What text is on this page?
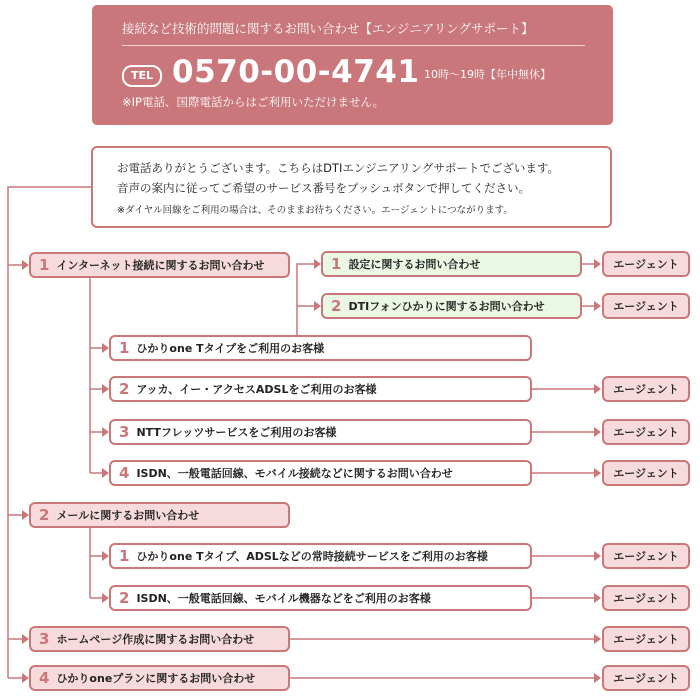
接続など技術的問題に関するお問い合わせ【エンジニアリングサポート】
TEL 0570-00-4741 10時～19時【年中無休】
※IP電話、国際電話からはご利用いただけません。
お電話ありがとうございます。こちらはDTIエンジニアリングサポートでございます。
音声の案内に従ってご希望のサービス番号をプッシュボタンで押してください。
※ダイヤル回線をご利用の場合は、そのままお待ちください。エージェントにつながります。
1 インターネット接続に関するお問い合わせ
2 メールに関するお問い合わせ
3 ホームページ作成に関するお問い合わせ
4 ひかりoneプランに関するお問い合わせ
1 設定に関するお問い合わせ
2 DTIフォンひかりに関するお問い合わせ
1 ひかりone Tタイプをご利用のお客様
2 アッカ、イー・アクセスADSLをご利用のお客様
3 NTTフレッツサービスをご利用のお客様
4 ISDN、一般電話回線、モバイル接続などに関するお問い合わせ
1 ひかりone Tタイプ、ADSLなどの常時接続サービスをご利用のお客様
2 ISDN、一般電話回線、モバイル機器などをご利用のお客様
エージェント
エージェント
エージェント
エージェント
エージェント
エージェント
エージェント
エージェント
エージェント
